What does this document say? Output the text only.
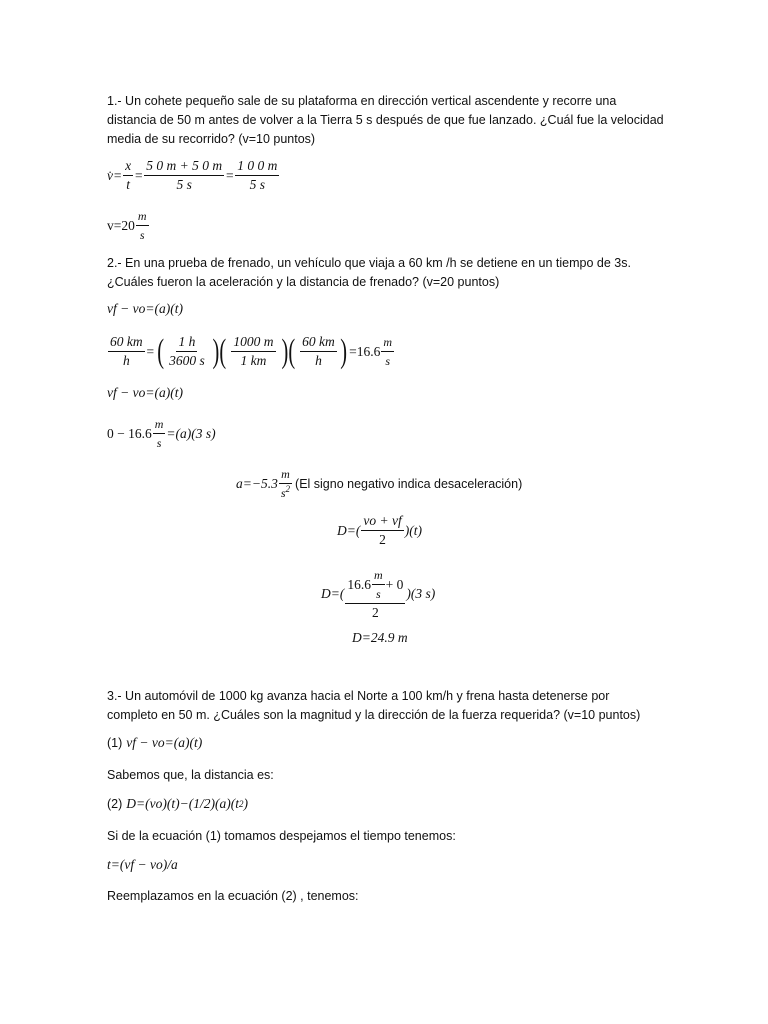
1.- Un cohete pequeño sale de su plataforma en dirección vertical ascendente y recorre una
distancia de 50 m antes de volver a la Tierra 5 s después de que fue lanzado. ¿Cuál fue la velocidad
media de su recorrido? (v=10 puntos)
v̇= $\frac{x}{t} = \frac{5 0 m + 5 0 m}{5 s} = \frac{1 0 0 m}{5 s}$
$v=20 \frac{m}{s}$
2.- En una prueba de frenado, un vehículo que viaja a 60 km /h se detiene en un tiempo de 3s.
¿Cuáles fueron la aceleración y la distancia de frenado? (v=20 puntos)
vf − vo=(a)(t)
$\frac{60 km}{h}$ = ( $\frac{1 h}{3600 s}$ )( $\frac{1000 m}{1 km}$ )( $\frac{60 km}{h}$ ) $=16.6 \frac{m}{s}$
vf − vo=(a)(t)
$0 - 16.6 \frac{m}{s} =(a)(3$ s)
$a=-5.3 \frac{m}{s^2} (El$ signo negativo indica desaceleración)
$D=( \frac{vo + vf}{2} )(t)$
$D=( \frac{16.6 \frac{m}{s} + 0}{2} )(3$ s)
D=24.9 m
3.- Un automóvil de 1000 kg avanza hacia el Norte a 100 km/h y frena hasta detenerse por
completo en 50 m. ¿Cuáles son la magnitud y la dirección de la fuerza requerida? (v=10 puntos)
(1) vf − vo=(a)(t)
Sabemos que, la distancia es:
(2) D=(vo)(t)−(1/2)(a)(t 2 )
Si de la ecuación (1) tomamos despejamos el tiempo tenemos:
t=(vf − vo)/a
Reemplazamos en la ecuación (2) , tenemos:
